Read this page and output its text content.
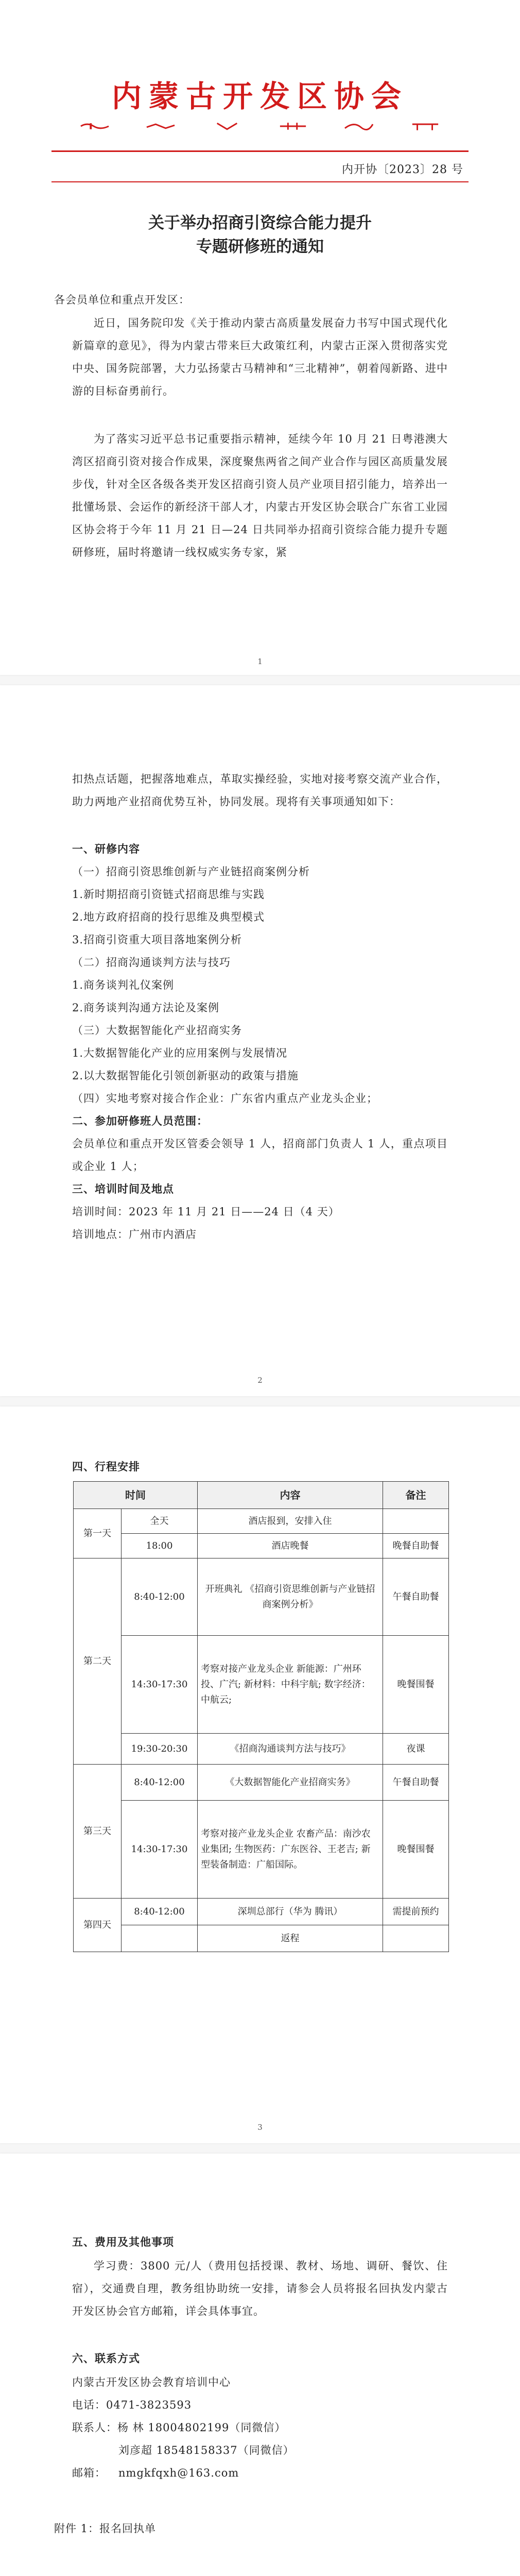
内蒙古开发区协会
内开协〔2023〕28 号
关于举办招商引资综合能力提升
专题研修班的通知
各会员单位和重点开发区：
近日，国务院印发《关于推动内蒙古高质量发展奋力书写中国式现代化新篇章的意见》，得为内蒙古带来巨大政策红利，内蒙古正深入贯彻落实党中央、国务院部署，大力弘扬蒙古马精神和“三北精神”，朝着闯新路、进中游的目标奋勇前行。
为了落实习近平总书记重要指示精神，延续今年 10 月 21 日粤港澳大湾区招商引资对接合作成果，深度聚焦两省之间产业合作与园区高质量发展步伐，针对全区各级各类开发区招商引资人员产业项目招引能力，培养出一批懂场景、会运作的新经济干部人才，内蒙古开发区协会联合广东省工业园区协会将于今年 11 月 21 日—24 日共同举办招商引资综合能力提升专题研修班，届时将邀请一线权威实务专家，紧
1
扣热点话题，把握落地难点，革取实操经验，实地对接考察交流产业合作，助力两地产业招商优势互补，协同发展。现将有关事项通知如下：
一、研修内容
（一）招商引资思维创新与产业链招商案例分析
1.新时期招商引资链式招商思维与实践
2.地方政府招商的投行思维及典型模式
3.招商引资重大项目落地案例分析
（二）招商沟通谈判方法与技巧
1.商务谈判礼仪案例
2.商务谈判沟通方法论及案例
（三）大数据智能化产业招商实务
1.大数据智能化产业的应用案例与发展情况
2.以大数据智能化引领创新驱动的政策与措施
（四）实地考察对接合作企业：广东省内重点产业龙头企业；
二、参加研修班人员范围：
会员单位和重点开发区管委会领导 1 人，招商部门负责人 1 人，重点项目或企业 1 人；
三、培训时间及地点
培训时间：2023 年 11 月 21 日——24 日（4 天）
培训地点：广州市内酒店
2
四、行程安排
时间		内容	备注
第一天	全天	酒店报到，安排入住	
	18:00	酒店晚餐	晚餐自助餐
第二天	8:40-12:00	开班典礼 《招商引资思维创新与产业链招商案例分析》	午餐自助餐
	14:30-17:30	考察对接产业龙头企业 新能源：广州环投、广汽; 新材料：中科宇航; 数字经济：中航云;	晚餐围餐
	19:30-20:30	《招商沟通谈判方法与技巧》	夜课
第三天	8:40-12:00	《大数据智能化产业招商实务》	午餐自助餐
	14:30-17:30	考察对接产业龙头企业 农畜产品：南沙农业集团; 生物医药：广东医谷、王老吉; 新型装备制造：广船国际。	晚餐围餐
第四天	8:40-12:00	深圳总部行（华为 腾讯）	需提前预约
		返程	
3
五、费用及其他事项
学习费：3800 元/人（费用包括授课、教材、场地、调研、餐饮、住宿），交通费自理，教务组协助统一安排，请参会人员将报名回执发内蒙古开发区协会官方邮箱，详会具体事宜。
六、联系方式
内蒙古开发区协会教育培训中心
电话：0471-3823593
联系人：杨 林 18004802199（同微信）
刘彦超 18548158337（同微信）
邮箱：	nmgkfqxh@163.com
附件 1：报名回执单
